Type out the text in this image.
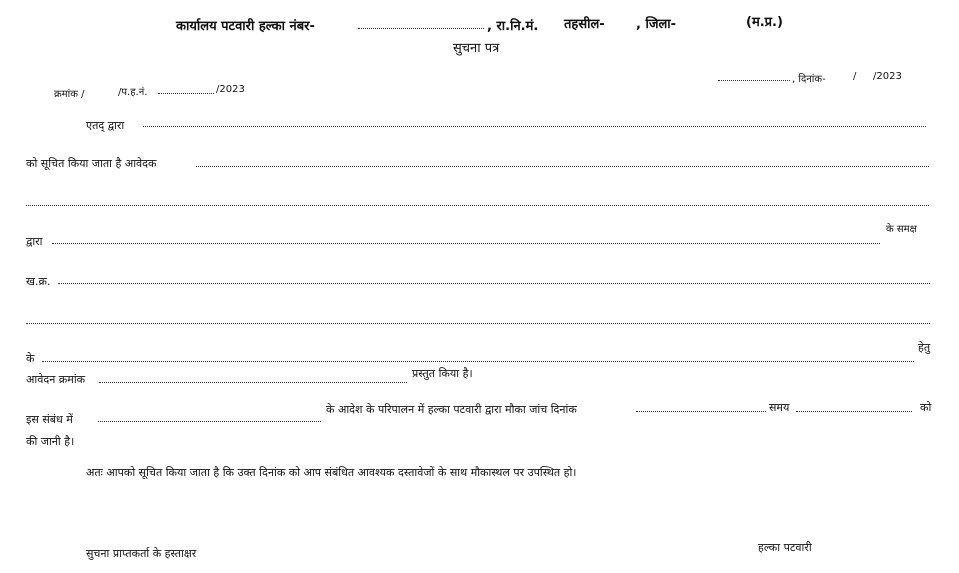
कार्यालय पटवारी हल्का नंबर-	, रा.नि.मं. तहसील- , जिला-	(म.प्र.)
सुचना पत्र
क्रमांक /	/प.ह.नं.	/2023
, दिनांक-	/ /2023
एतद् द्वारा
को सूचित किया जाता है आवेदक
के समक्ष
द्वारा
ख.क्र.
के
हेतु
आवेदन क्रमांक	प्रस्तुत किया है।
इस संबंध में
के आदेश के परिपालन में हल्का पटवारी द्वारा मौका जांच दिनांक	समय	को
की जानी है।
अतः आपको सूचित किया जाता है कि उक्त दिनांक को आप संबंधित आवश्यक दस्तावेजों के साथ मौकास्थल पर उपस्थित हो।
सुचना प्राप्तकर्ता के हस्ताक्षर	हल्का पटवारी
